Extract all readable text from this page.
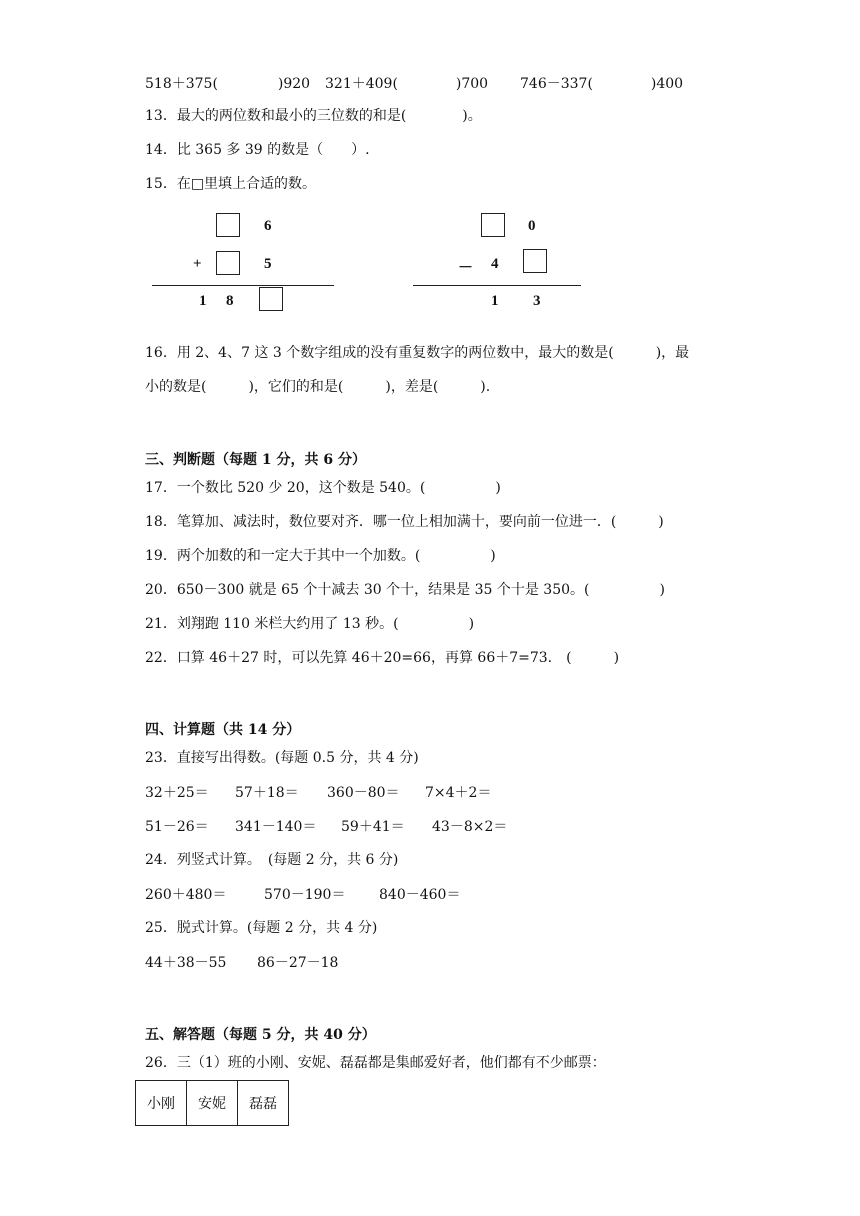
518＋375(	)920 321＋409(	)700 746－337(	)400
13．最大的两位数和最小的三位数的和是(　　　　)。
14．比 365 多 39 的数是（　　）.
15．在□里填上合适的数。
6
+	5
1 8
0
－ 4
1 3
16．用 2、4、7 这 3 个数字组成的没有重复数字的两位数中，最大的数是(　　　)，最
小的数是(　　　)，它们的和是(　　　)，差是(　　　).
三、判断题（每题 1 分，共 6 分）
17．一个数比 520 少 20，这个数是 540。(　　　　　)
18．笔算加、减法时，数位要对齐．哪一位上相加满十，要向前一位进一．(　　　)
19．两个加数的和一定大于其中一个加数。(　　　　　)
20．650－300 就是 65 个十减去 30 个十，结果是 35 个十是 350。(　　　　　)
21．刘翔跑 110 米栏大约用了 13 秒。(　　　　　)
22．口算 46＋27 时，可以先算 46＋20=66，再算 66＋7=73.　(　　　)
四、计算题（共 14 分）
23．直接写出得数。(每题 0.5 分，共 4 分)
32＋25＝ 57＋18＝ 360－80＝ 7×4＋2＝
51－26＝ 341－140＝ 59＋41＝ 43－8×2＝
24．列竖式计算。　(每题 2 分，共 6 分)
260＋480＝	570－190＝ 840－460＝
25．脱式计算。(每题 2 分，共 4 分)
44＋38－55 86－27－18
五、解答题（每题 5 分，共 40 分）
26．三（1）班的小刚、安妮、磊磊都是集邮爱好者，他们都有不少邮票：
小刚	安妮	磊磊
